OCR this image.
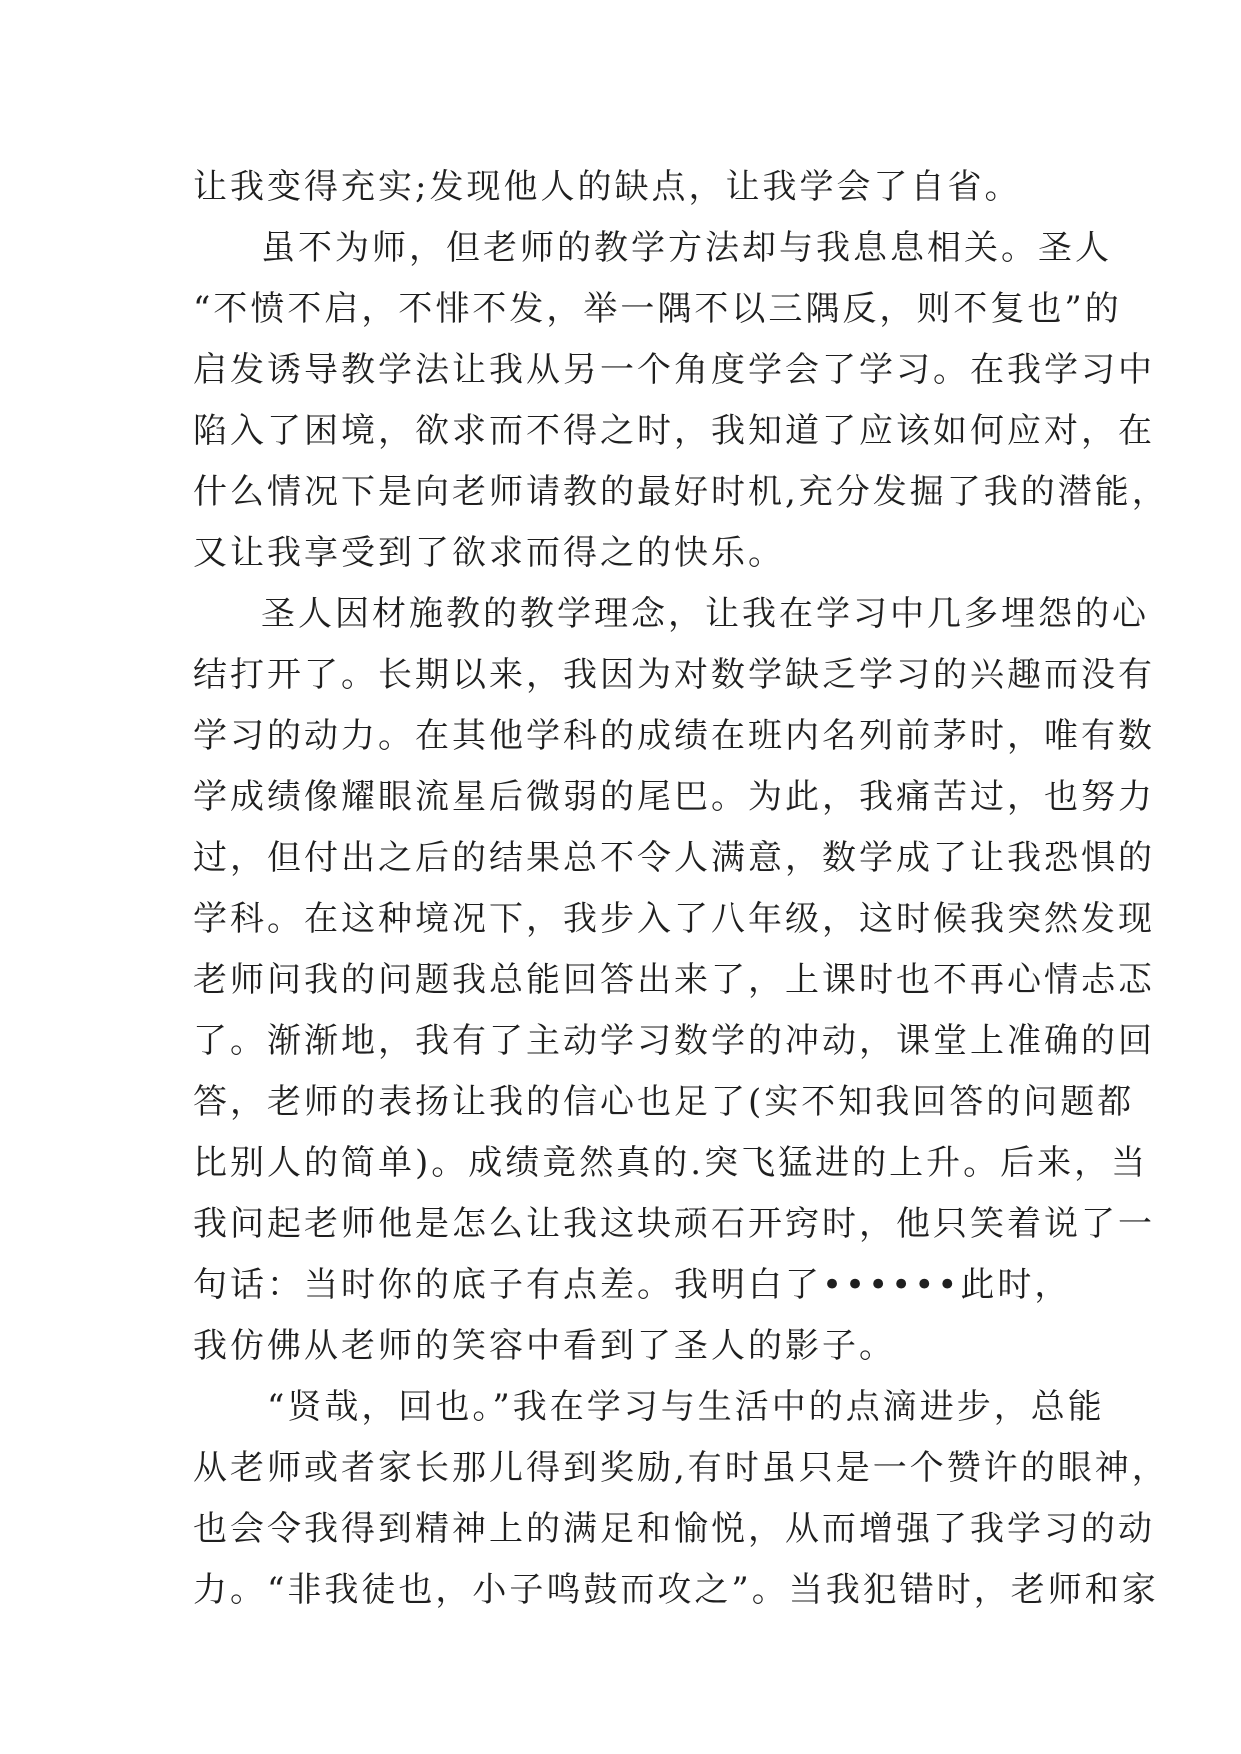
让我变得充实;发现他人的缺点，让我学会了自省。
虽不为师，但老师的教学方法却与我息息相关。圣人
“不愤不启，不悱不发，举一隅不以三隅反，则不复也”的
启发诱导教学法让我从另一个角度学会了学习。在我学习中
陷入了困境，欲求而不得之时，我知道了应该如何应对，在
什么情况下是向老师请教的最好时机,充分发掘了我的潜能，
又让我享受到了欲求而得之的快乐。
圣人因材施教的教学理念，让我在学习中几多埋怨的心
结打开了。长期以来，我因为对数学缺乏学习的兴趣而没有
学习的动力。在其他学科的成绩在班内名列前茅时，唯有数
学成绩像耀眼流星后微弱的尾巴。为此，我痛苦过，也努力
过，但付出之后的结果总不令人满意，数学成了让我恐惧的
学科。在这种境况下，我步入了八年级，这时候我突然发现
老师问我的问题我总能回答出来了，上课时也不再心情忐忑
了。渐渐地，我有了主动学习数学的冲动，课堂上准确的回
答，老师的表扬让我的信心也足了(实不知我回答的问题都
比别人的简单)。成绩竟然真的.突飞猛进的上升。后来，当
我问起老师他是怎么让我这块顽石开窍时，他只笑着说了一
句话：当时你的底子有点差。我明白了••••••此时，
我仿佛从老师的笑容中看到了圣人的影子。
“贤哉，回也。”我在学习与生活中的点滴进步，总能
从老师或者家长那儿得到奖励,有时虽只是一个赞许的眼神，
也会令我得到精神上的满足和愉悦，从而增强了我学习的动
力。“非我徒也，小子鸣鼓而攻之”。当我犯错时，老师和家
